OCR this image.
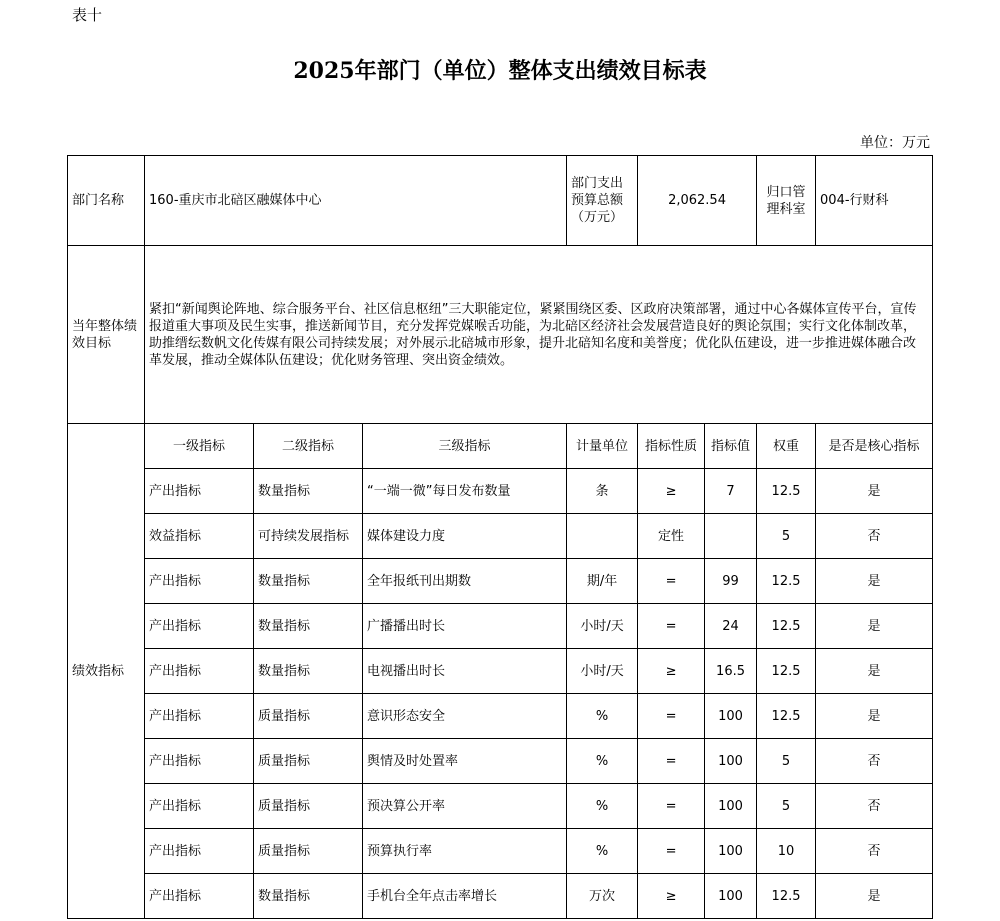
表十
2025年部门（单位）整体支出绩效目标表
单位：万元
部门名称	160-重庆市北碚区融媒体中心			部门支出预算总额（万元）	2,062.54		归口管理科室	004-行财科
当年整体绩效目标	紧扣“新闻舆论阵地、综合服务平台、社区信息枢纽”三大职能定位，紧紧围绕区委、区政府决策部署，通过中心各媒体宣传平台，宣传报道重大事项及民生实事，推送新闻节目，充分发挥党媒喉舌功能，为北碚区经济社会发展营造良好的舆论氛围；实行文化体制改革，助推缙纭数帆文化传媒有限公司持续发展；对外展示北碚城市形象，提升北碚知名度和美誉度；优化队伍建设，进一步推进媒体融合改革发展，推动全媒体队伍建设；优化财务管理、突出资金绩效。							
绩效指标	一级指标	二级指标	三级指标	计量单位	指标性质	指标值	权重	是否是核心指标
	产出指标	数量指标	“一端一微”每日发布数量	条	≥	7	12.5	是
	效益指标	可持续发展指标	媒体建设力度		定性		5	否
	产出指标	数量指标	全年报纸刊出期数	期/年	=	99	12.5	是
	产出指标	数量指标	广播播出时长	小时/天	=	24	12.5	是
	产出指标	数量指标	电视播出时长	小时/天	≥	16.5	12.5	是
	产出指标	质量指标	意识形态安全	%	=	100	12.5	是
	产出指标	质量指标	舆情及时处置率	%	=	100	5	否
	产出指标	质量指标	预决算公开率	%	=	100	5	否
	产出指标	质量指标	预算执行率	%	=	100	10	否
	产出指标	数量指标	手机台全年点击率增长	万次	≥	100	12.5	是
